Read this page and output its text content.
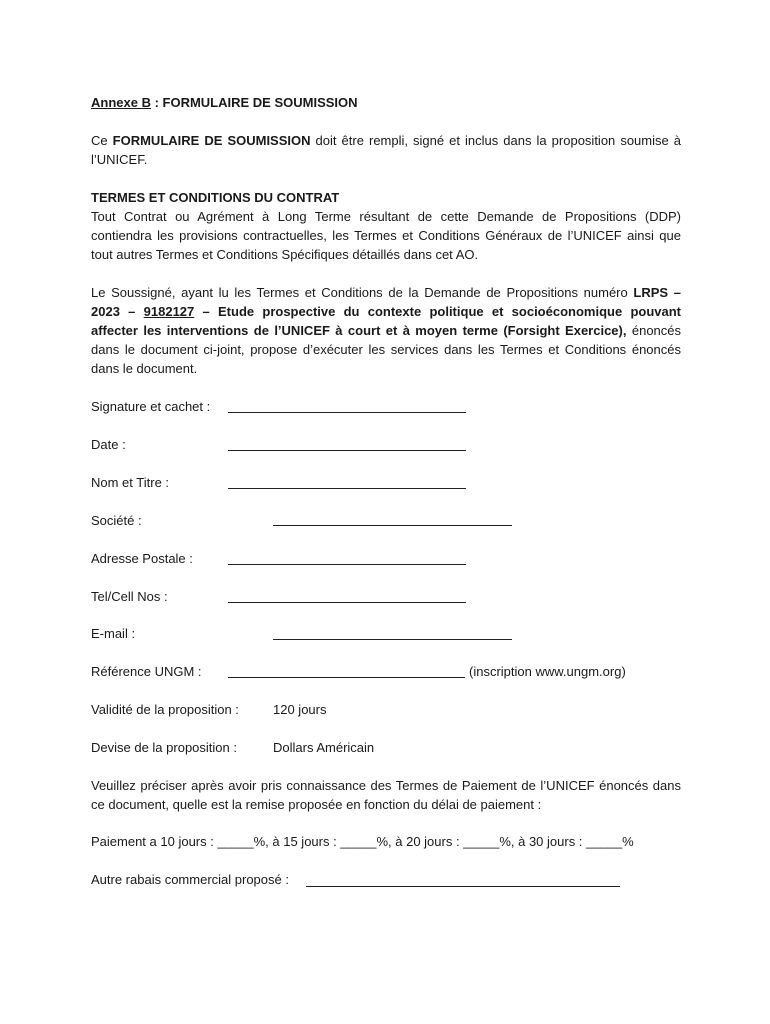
Annexe B : FORMULAIRE DE SOUMISSION
Ce FORMULAIRE DE SOUMISSION doit être rempli, signé et inclus dans la proposition soumise à
l’UNICEF.
TERMES ET CONDITIONS DU CONTRAT
Tout Contrat ou Agrément à Long Terme résultant de cette Demande de Propositions (DDP)
contiendra les provisions contractuelles, les Termes et Conditions Généraux de l’UNICEF ainsi que
tout autres Termes et Conditions Spécifiques détaillés dans cet AO.
Le Soussigné, ayant lu les Termes et Conditions de la Demande de Propositions numéro LRPS –
2023 – 9182127 – Etude prospective du contexte politique et socioéconomique pouvant
affecter les interventions de l’UNICEF à court et à moyen terme (Forsight Exercice), énoncés
dans le document ci-joint, propose d’exécuter les services dans les Termes et Conditions énoncés
dans le document.
Signature et cachet :
Date :
Nom et Titre :
Société :
Adresse Postale :
Tel/Cell Nos :
E-mail :
Référence UNGM :	(inscription www.ungm.org)
Validité de la proposition :	120 jours
Devise de la proposition :	Dollars Américain
Veuillez préciser après avoir pris connaissance des Termes de Paiement de l’UNICEF énoncés dans
ce document, quelle est la remise proposée en fonction du délai de paiement :
Paiement a 10 jours : _____%, à 15 jours : _____%, à 20 jours : _____%, à 30 jours : _____%
Autre rabais commercial proposé :
